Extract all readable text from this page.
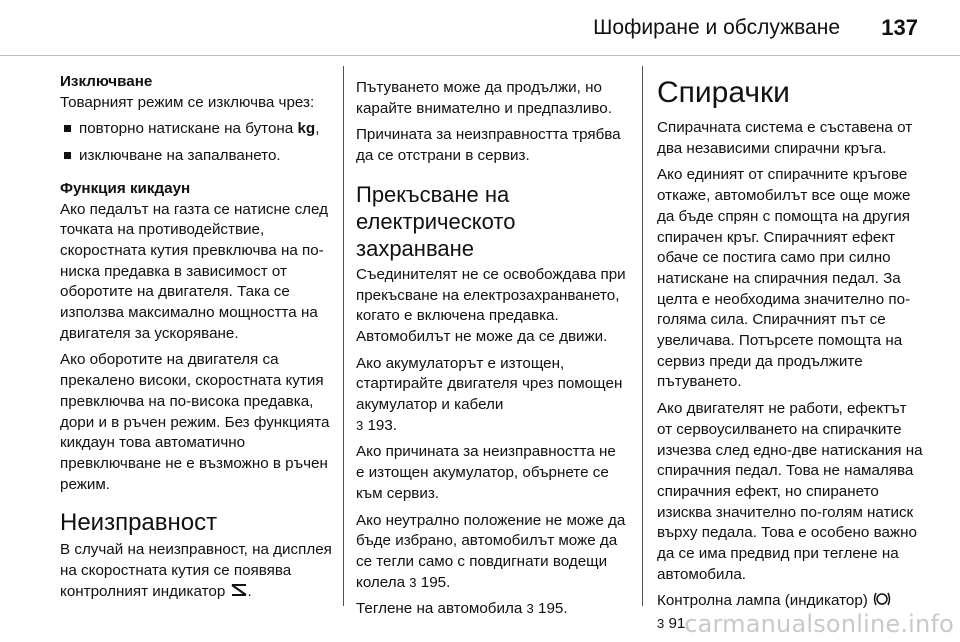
Шофиране и обслужване 137

Изключване

Товарният режим се изключва чрез:

повторно натискане на бутона kg,
изключване на запалването.

Функция кикдаун

Ако педалът на газта се натисне след точката на противодействие, скоростната кутия превключва на по-ниска предавка в зависимост от оборотите на двигателя. Така се използва максимално мощността на двигателя за ускоряване.

Ако оборотите на двигателя са прекалено високи, скоростната кутия превключва на по-висока предавка, дори и в ръчен режим. Без функцията кикдаун това автоматично превключване не е възможно в ръчен режим.

Неизправност

В случай на неизправност, на дисплея на скоростната кутия се появява контролният индикатор .

Пътуването може да продължи, но карайте внимателно и предпазливо.

Причината за неизправността трябва да се отстрани в сервиз.

Прекъсване на електрическото захранване

Съединителят не се освобождава при прекъсване на електрозахранването, когато е включена предавка. Автомобилът не може да се движи.

Ако акумулаторът е изтощен, стартирайте двигателя чрез помощен акумулатор и кабели
3 193.

Ако причината за неизправността не е изтощен акумулатор, обърнете се към сервиз.

Ако неутрално положение не може да бъде избрано, автомобилът може да се тегли само с повдигнати водещи колела 3 195.

Теглене на автомобила 3 195.

Спирачки

Спирачната система е съставена от два независими спирачни кръга.

Ако единият от спирачните кръгове откаже, автомобилът все още може да бъде спрян с помощта на другия спирачен кръг. Спирачният ефект обаче се постига само при силно натискане на спирачния педал. За целта е необходима значително по-голяма сила. Спирачният път се увеличава. Потърсете помощта на сервиз преди да продължите пътуването.

Ако двигателят не работи, ефектът от сервоусилването на спирачките изчезва след едно-две натискания на спирачния педал. Това не намалява спирачния ефект, но спирането изисква значително по-голям натиск върху педала. Това е особено важно да се има предвид при теглене на автомобила.

Контролна лампа (индикатор)
3 91.

carmanualsonline.info
